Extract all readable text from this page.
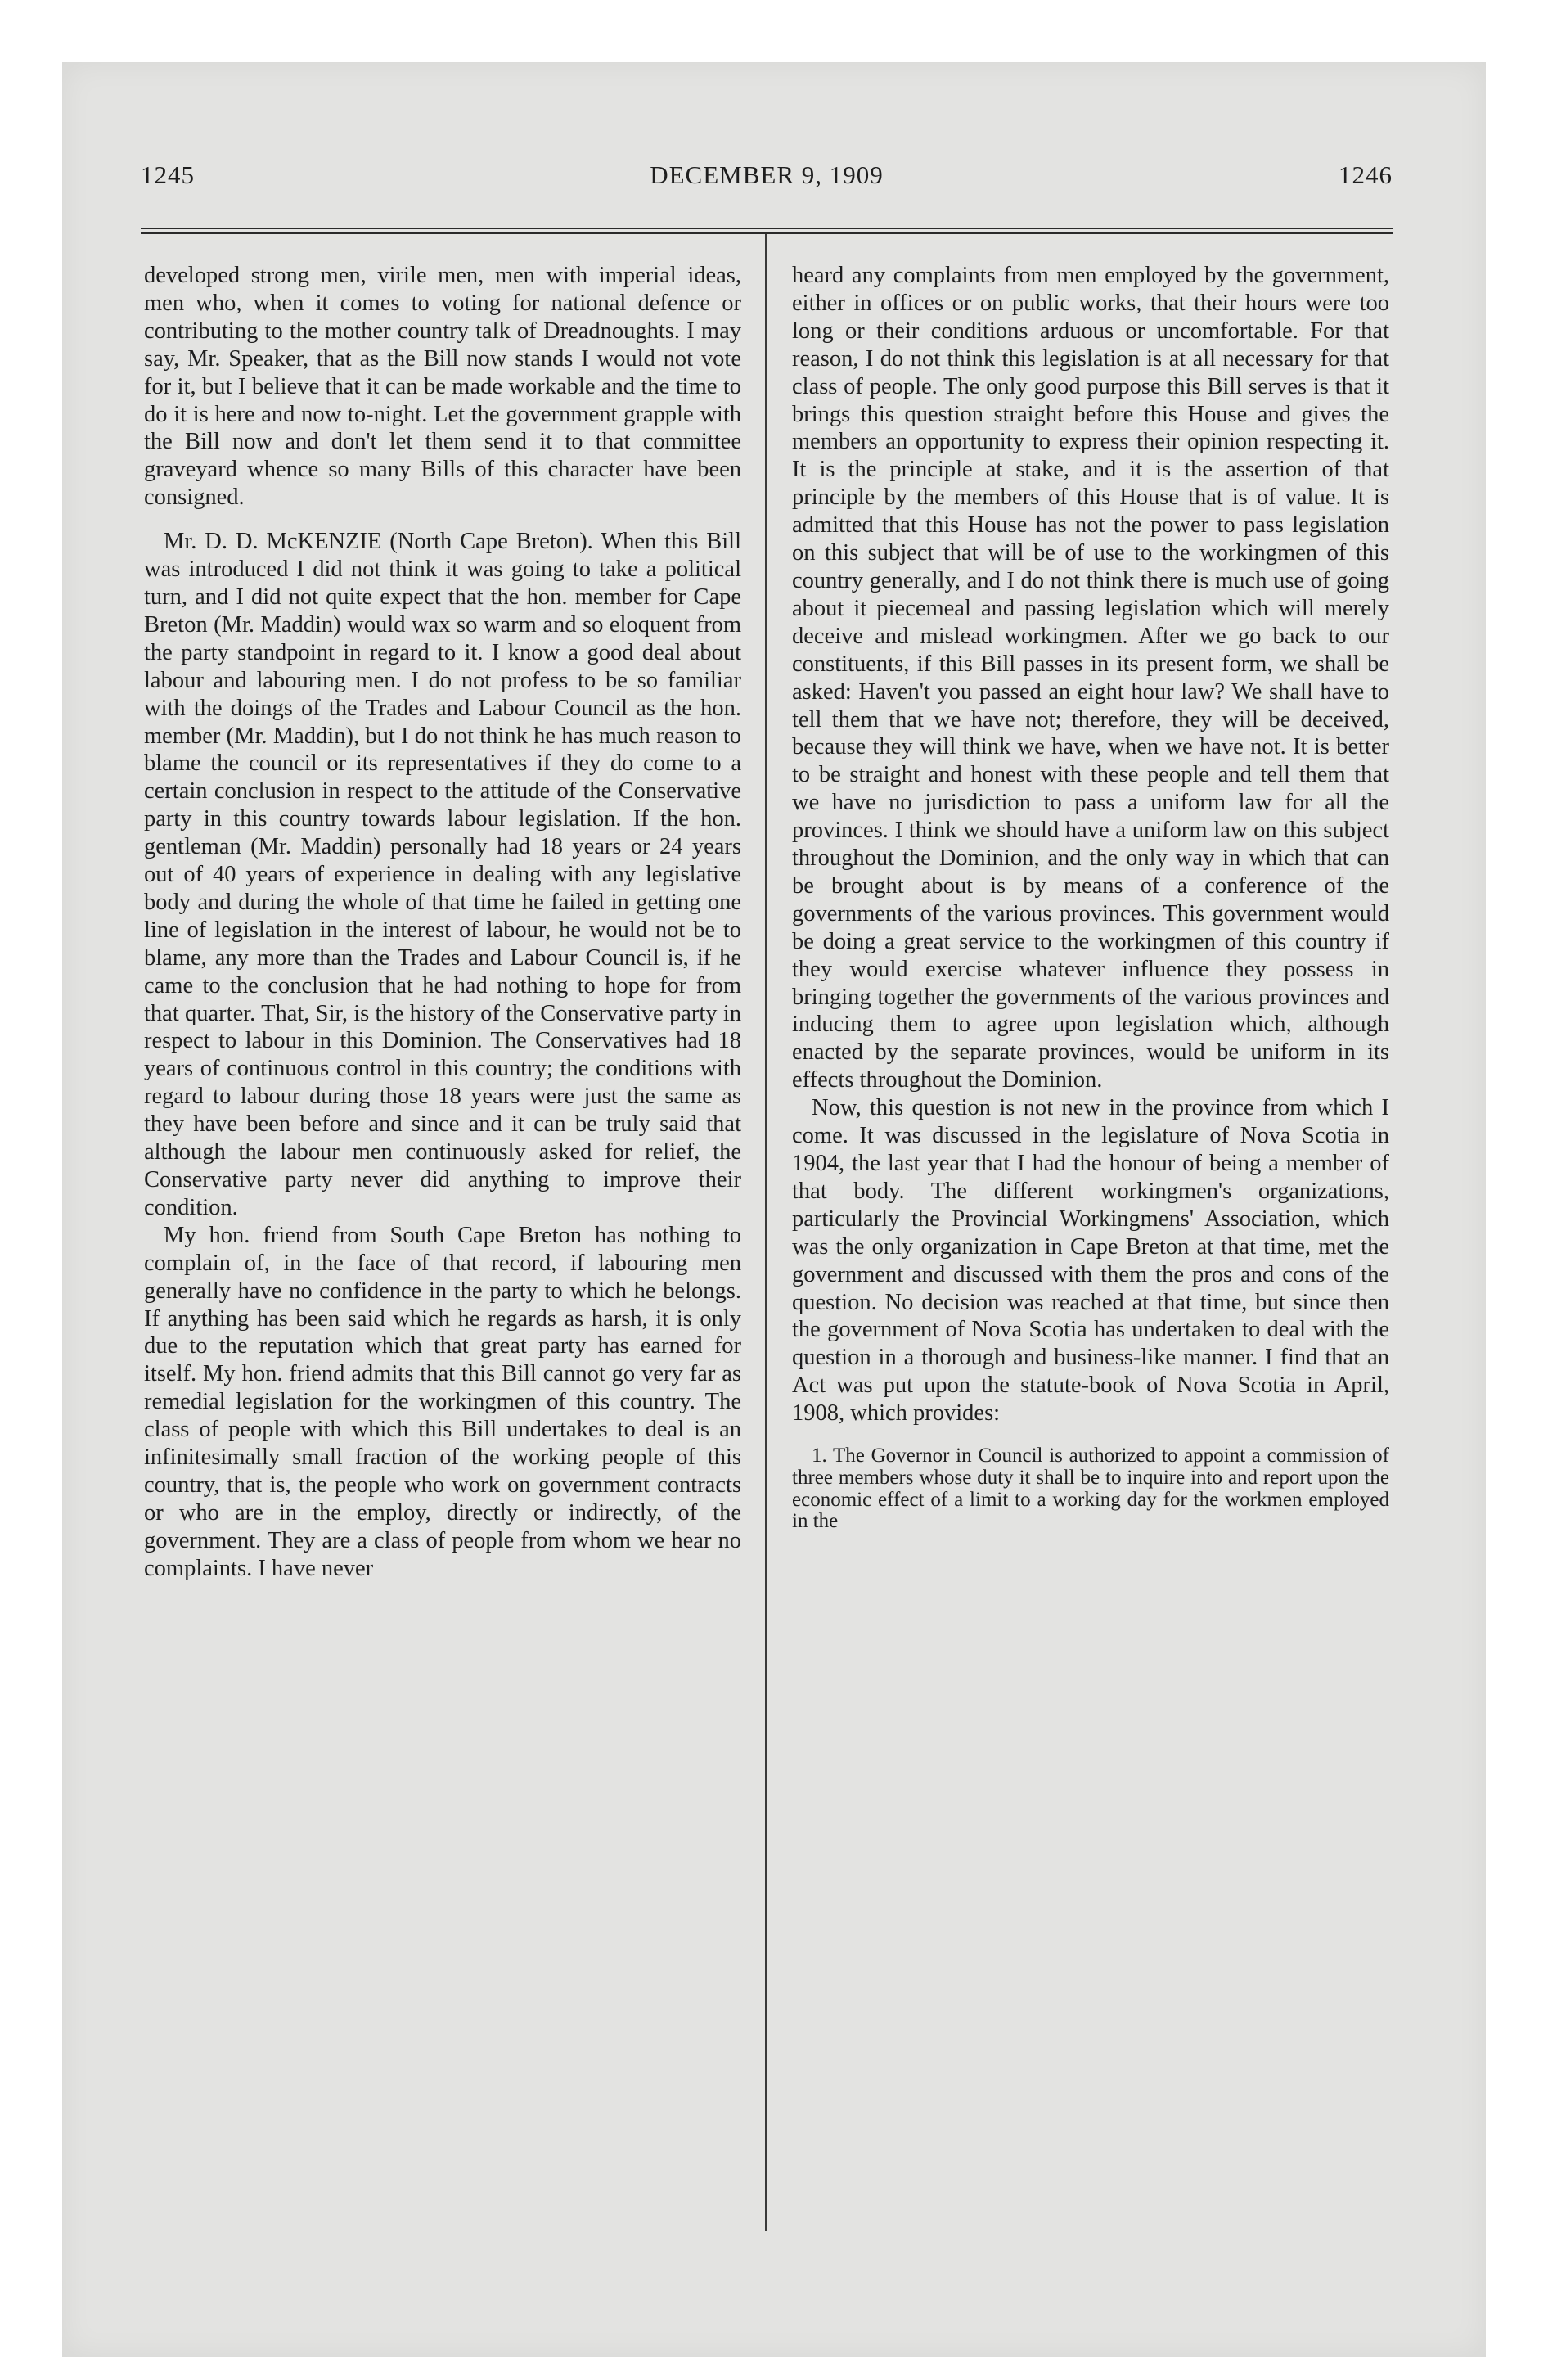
1245	DECEMBER 9, 1909	1246

developed strong men, virile men, men with imperial ideas, men who, when it comes to voting for national defence or contributing to the mother country talk of Dreadnoughts. I may say, Mr. Speaker, that as the Bill now stands I would not vote for it, but I believe that it can be made workable and the time to do it is here and now to-night. Let the government grapple with the Bill now and don't let them send it to that committee graveyard whence so many Bills of this character have been consigned.

Mr. D. D. McKENZIE (North Cape Breton). When this Bill was introduced I did not think it was going to take a political turn, and I did not quite expect that the hon. member for Cape Breton (Mr. Maddin) would wax so warm and so eloquent from the party standpoint in regard to it. I know a good deal about labour and labouring men. I do not profess to be so familiar with the doings of the Trades and Labour Council as the hon. member (Mr. Maddin), but I do not think he has much reason to blame the council or its representatives if they do come to a certain conclusion in respect to the attitude of the Conservative party in this country towards labour legislation. If the hon. gentleman (Mr. Maddin) personally had 18 years or 24 years out of 40 years of experience in dealing with any legislative body and during the whole of that time he failed in getting one line of legislation in the interest of labour, he would not be to blame, any more than the Trades and Labour Council is, if he came to the conclusion that he had nothing to hope for from that quarter. That, Sir, is the history of the Conservative party in respect to labour in this Dominion. The Conservatives had 18 years of continuous control in this country; the conditions with regard to labour during those 18 years were just the same as they have been before and since and it can be truly said that although the labour men continuously asked for relief, the Conservative party never did anything to improve their condition.

My hon. friend from South Cape Breton has nothing to complain of, in the face of that record, if labouring men generally have no confidence in the party to which he belongs. If anything has been said which he regards as harsh, it is only due to the reputation which that great party has earned for itself. My hon. friend admits that this Bill cannot go very far as remedial legislation for the workingmen of this country. The class of people with which this Bill undertakes to deal is an infinitesimally small fraction of the working people of this country, that is, the people who work on government contracts or who are in the employ, directly or indirectly, of the government. They are a class of people from whom we hear no complaints. I have never

heard any complaints from men employed by the government, either in offices or on public works, that their hours were too long or their conditions arduous or uncomfortable. For that reason, I do not think this legislation is at all necessary for that class of people. The only good purpose this Bill serves is that it brings this question straight before this House and gives the members an opportunity to express their opinion respecting it. It is the principle at stake, and it is the assertion of that principle by the members of this House that is of value. It is admitted that this House has not the power to pass legislation on this subject that will be of use to the workingmen of this country generally, and I do not think there is much use of going about it piecemeal and passing legislation which will merely deceive and mislead workingmen. After we go back to our constituents, if this Bill passes in its present form, we shall be asked: Haven't you passed an eight hour law? We shall have to tell them that we have not; therefore, they will be deceived, because they will think we have, when we have not. It is better to be straight and honest with these people and tell them that we have no jurisdiction to pass a uniform law for all the provinces. I think we should have a uniform law on this subject throughout the Dominion, and the only way in which that can be brought about is by means of a conference of the governments of the various provinces. This government would be doing a great service to the workingmen of this country if they would exercise whatever influence they possess in bringing together the governments of the various provinces and inducing them to agree upon legislation which, although enacted by the separate provinces, would be uniform in its effects throughout the Dominion.

Now, this question is not new in the province from which I come. It was discussed in the legislature of Nova Scotia in 1904, the last year that I had the honour of being a member of that body. The different workingmen's organizations, particularly the Provincial Workingmens' Association, which was the only organization in Cape Breton at that time, met the government and discussed with them the pros and cons of the question. No decision was reached at that time, but since then the government of Nova Scotia has undertaken to deal with the question in a thorough and business-like manner. I find that an Act was put upon the statute-book of Nova Scotia in April, 1908, which provides:

1. The Governor in Council is authorized to appoint a commission of three members whose duty it shall be to inquire into and report upon the economic effect of a limit to a working day for the workmen employed in the
